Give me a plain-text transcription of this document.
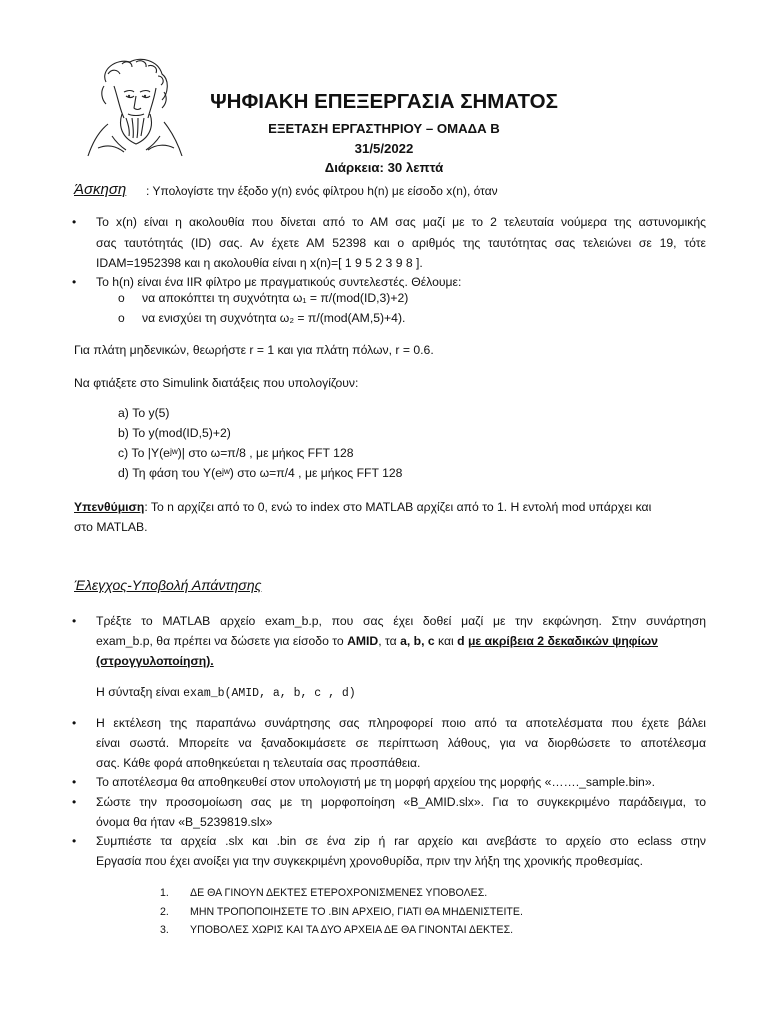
ΨΗΦΙΑΚΗ ΕΠΕΞΕΡΓΑΣΙΑ ΣΗΜΑΤΟΣ
ΕΞΕΤΑΣΗ ΕΡΓΑΣΤΗΡΙΟΥ – ΟΜΑΔΑ Β
31/5/2022
Διάρκεια: 30 λεπτά
Άσκηση : Υπολογίστε την έξοδο y(n) ενός φίλτρου h(n) με είσοδο x(n), όταν
• Το x(n) είναι η ακολουθία που δίνεται από το ΑΜ σας μαζί με το 2 τελευταία νούμερα της αστυνομικής
σας ταυτότητάς (ID) σας. Αν έχετε ΑΜ 52398 και ο αριθμός της ταυτότητας σας τελειώνει σε 19, τότε
IDAM=1952398 και η ακολουθία είναι η x(n)=[ 1 9 5 2 3 9 8 ].
• Το h(n) είναι ένα IIR φίλτρο με πραγματικούς συντελεστές. Θέλουμε:
o να αποκόπτει τη συχνότητα ω₁ = π/(mod(ID,3)+2)
o να ενισχύει τη συχνότητα ω₂ = π/(mod(AM,5)+4).
Για πλάτη μηδενικών, θεωρήστε r = 1 και για πλάτη πόλων, r = 0.6.
Να φτιάξετε στο Simulink διατάξεις που υπολογίζουν:
a) Το y(5)
b) Το y(mod(ID,5)+2)
c) Το |Y(eʲʷ)| στο ω=π/8 , με μήκος FFT 128
d) Τη φάση του Y(eʲʷ) στο ω=π/4 , με μήκος FFT 128
Υπενθύμιση: Το n αρχίζει από το 0, ενώ το index στο MATLAB αρχίζει από το 1. Η εντολή mod υπάρχει και
στο MATLAB.
Έλεγχος-Υποβολή Απάντησης
• Τρέξτε το MATLAB αρχείο exam_b.p, που σας έχει δοθεί μαζί με την εκφώνηση. Στην συνάρτηση
exam_b.p, θα πρέπει να δώσετε για είσοδο το AMID, τα a, b, c και d με ακρίβεια 2 δεκαδικών ψηφίων
(στρογγυλοποίηση).
Η σύνταξη είναι exam_b(AMID, a, b, c , d)
• Η εκτέλεση της παραπάνω συνάρτησης σας πληροφορεί ποιο από τα αποτελέσματα που έχετε βάλει
είναι σωστά. Μπορείτε να ξαναδοκιμάσετε σε περίπτωση λάθους, για να διορθώσετε το αποτέλεσμα
σας. Κάθε φορά αποθηκεύεται η τελευταία σας προσπάθεια.
• Το αποτέλεσμα θα αποθηκευθεί στον υπολογιστή με τη μορφή αρχείου της μορφής «……._sample.bin».
• Σώστε την προσομοίωση σας με τη μορφοποίηση «B_AMID.slx». Για το συγκεκριμένο παράδειγμα, το
όνομα θα ήταν «B_5239819.slx»
• Συμπιέστε τα αρχεία .slx και .bin σε ένα zip ή rar αρχείο και ανεβάστε το αρχείο στο eclass στην
Εργασία που έχει ανοίξει για την συγκεκριμένη χρονοθυρίδα, πριν την λήξη της χρονικής προθεσμίας.
1. ΔΕ ΘΑ ΓΙΝΟΥΝ ΔΕΚΤΕΣ ΕΤΕΡΟΧΡΟΝΙΣΜΕΝΕΣ ΥΠΟΒΟΛΕΣ.
2. ΜΗΝ ΤΡΟΠΟΠΟΙΗΣΕΤΕ ΤΟ .BIN ΑΡΧΕΙΟ, ΓΙΑΤΙ ΘΑ ΜΗΔΕΝΙΣΤΕΙΤΕ.
3. ΥΠΟΒΟΛΕΣ ΧΩΡΙΣ ΚΑΙ ΤΑ ΔΥΟ ΑΡΧΕΙΑ ΔΕ ΘΑ ΓΙΝΟΝΤΑΙ ΔΕΚΤΕΣ.
